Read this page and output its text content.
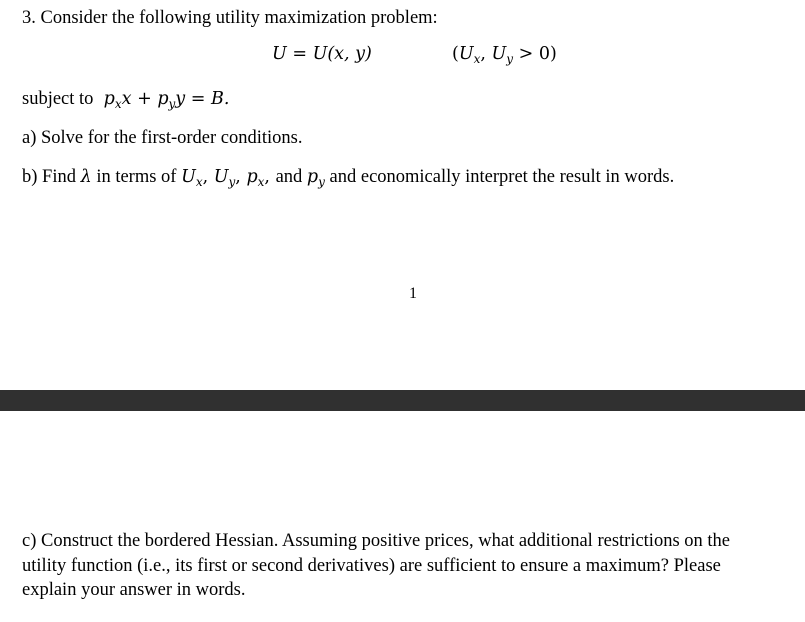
3. Consider the following utility maximization problem:
U = U(x, y)	($U_x$, $U_y > 0$)
subject to $p_xx + p_yy = B$.
a) Solve for the first-order conditions.
b) Find λ in terms of $U_x$, $U_y$, $p_x$, and $p_y$ and economically interpret the result in words.
1
c) Construct the bordered Hessian. Assuming positive prices, what additional restrictions on the
utility function (i.e., its first or second derivatives) are sufficient to ensure a maximum? Please
explain your answer in words.
